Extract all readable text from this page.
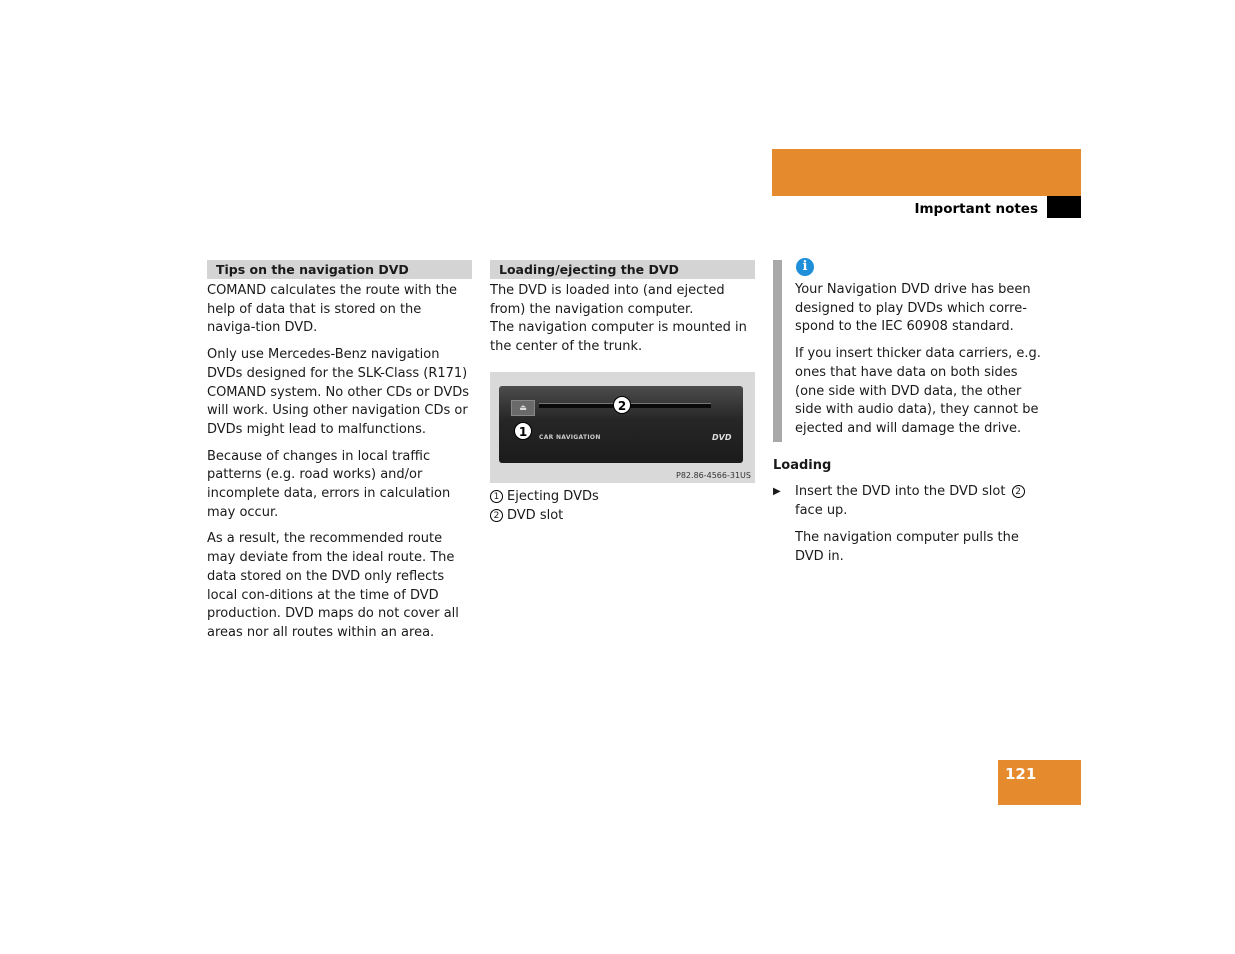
Navigation*
Important notes
Tips on the navigation DVD

COMAND calculates the route with the help of data that is stored on the naviga-tion DVD.

Only use Mercedes-Benz navigation DVDs designed for the SLK-Class (R171) COMAND system. No other CDs or DVDs will work. Using other navigation CDs or DVDs might lead to malfunctions.

Because of changes in local traffic patterns (e.g. road works) and/or incomplete data, errors in calculation may occur.

As a result, the recommended route may deviate from the ideal route. The data stored on the DVD only reflects local con-ditions at the time of DVD production. DVD maps do not cover all areas nor all routes within an area.

Loading/ejecting the DVD
The DVD is loaded into (and ejected from) the navigation computer.
The navigation computer is mounted in the center of the trunk.
⏏
CAR NAVIGATION	DVD
1
2
P82.86-4566-31US
1 Ejecting DVDs
2 DVD slot
i

Your Navigation DVD drive has been designed to play DVDs which corre-spond to the IEC 60908 standard.

If you insert thicker data carriers, e.g. ones that have data on both sides (one side with DVD data, the other side with audio data), they cannot be ejected and will damage the drive.

Loading
▶ Insert the DVD into the DVD slot 2 face up.
The navigation computer pulls the DVD in.
121
